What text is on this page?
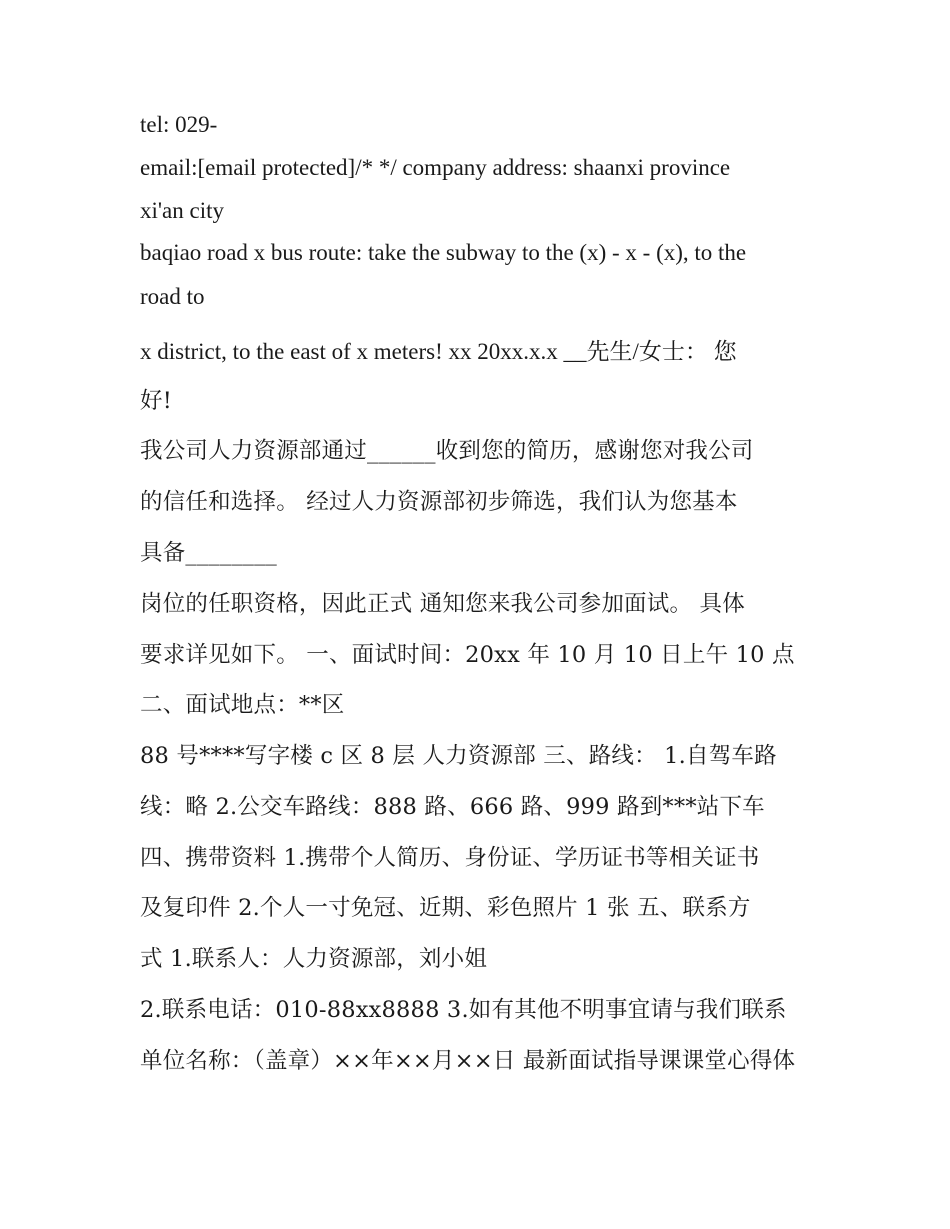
tel: 029-
email:[email protected]/* */ company address: shaanxi province
xi'an city
baqiao road x bus route: take the subway to the (x) - x - (x), to the
road to
x district, to the east of x meters! xx 20xx.x.x __先生/女士： 您
好!
我公司人力资源部通过______收到您的简历，感谢您对我公司
的信任和选择。 经过人力资源部初步筛选，我们认为您基本
具备________
岗位的任职资格，因此正式 通知您来我公司参加面试。 具体
要求详见如下。 一、面试时间：20xx 年 10 月 10 日上午 10 点
二、面试地点：**区
88 号****写字楼 c 区 8 层 人力资源部 三、路线： 1.自驾车路
线：略 2.公交车路线：888 路、666 路、999 路到***站下车
四、携带资料 1.携带个人简历、身份证、学历证书等相关证书
及复印件 2.个人一寸免冠、近期、彩色照片 1 张 五、联系方
式 1.联系人：人力资源部，刘小姐
2.联系电话：010-88xx8888 3.如有其他不明事宜请与我们联系
单位名称：（盖章）××年××月××日 最新面试指导课课堂心得体
